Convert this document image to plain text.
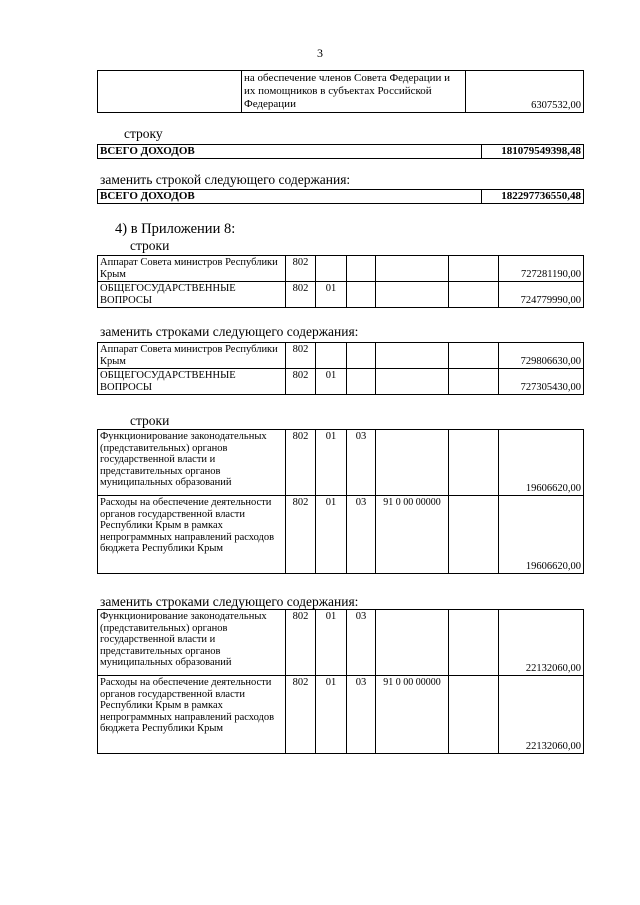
3
	на обеспечение членов Совета Федерации и их помощников в субъектах Российской Федерации	6307532,00
строку
ВСЕГО ДОХОДОВ	181079549398,48
заменить строкой следующего содержания:
ВСЕГО ДОХОДОВ	182297736550,48
4) в Приложении 8:
строки
Аппарат Совета министров Республики Крым	802					727281190,00
ОБЩЕГОСУДАРСТВЕННЫЕ ВОПРОСЫ	802	01				724779990,00
заменить строками следующего содержания:
Аппарат Совета министров Республики Крым	802					729806630,00
ОБЩЕГОСУДАРСТВЕННЫЕ ВОПРОСЫ	802	01				727305430,00
строки
Функционирование законодательных (представительных) органов государственной власти и представительных органов муниципальных образований	802	01	03			19606620,00
Расходы на обеспечение деятельности органов государственной власти Республики Крым в рамках непрограммных направлений расходов бюджета Республики Крым	802	01	03	91 0 00 00000		19606620,00
заменить строками следующего содержания:
Функционирование законодательных (представительных) органов государственной власти и представительных органов муниципальных образований	802	01	03			22132060,00
Расходы на обеспечение деятельности органов государственной власти Республики Крым в рамках непрограммных направлений расходов бюджета Республики Крым	802	01	03	91 0 00 00000		22132060,00
